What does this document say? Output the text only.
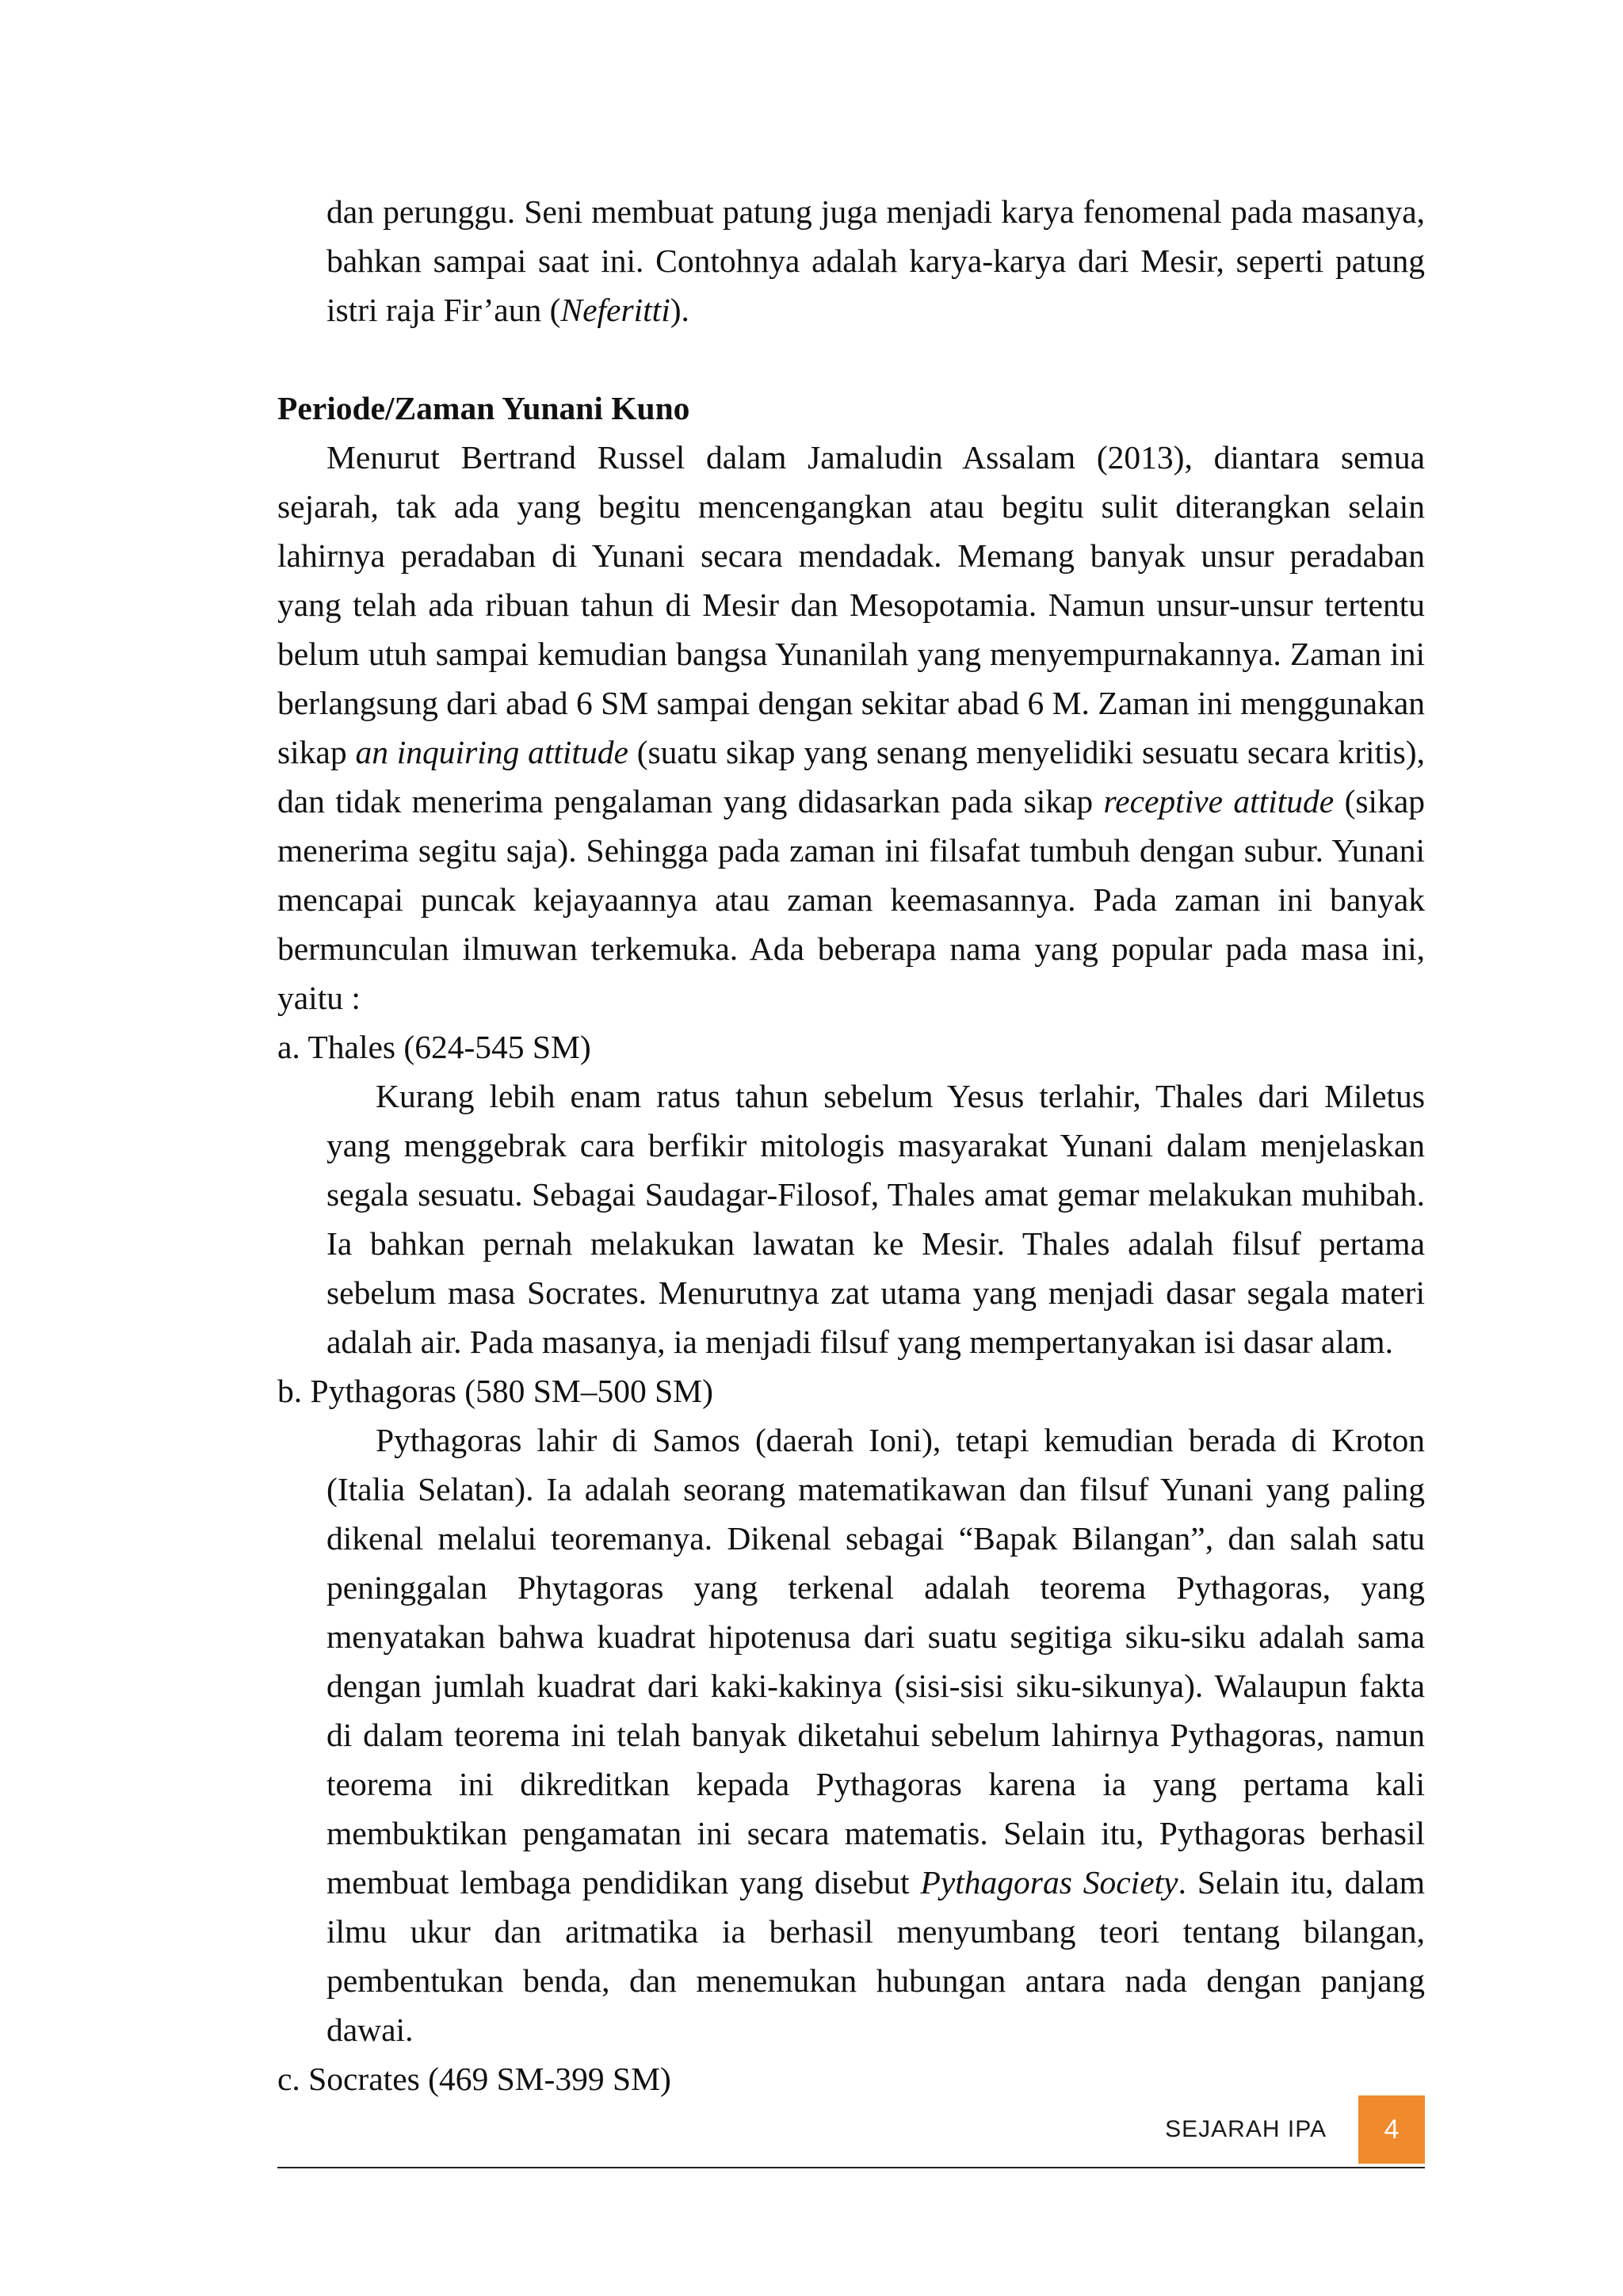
dan perunggu. Seni membuat patung juga menjadi karya fenomenal pada masanya, bahkan sampai saat ini. Contohnya adalah karya-karya dari Mesir, seperti patung istri raja Fir’aun (Neferitti).

Periode/Zaman Yunani Kuno

Menurut Bertrand Russel dalam Jamaludin Assalam (2013), diantara semua sejarah, tak ada yang begitu mencengangkan atau begitu sulit diterangkan selain lahirnya peradaban di Yunani secara mendadak. Memang banyak unsur peradaban yang telah ada ribuan tahun di Mesir dan Mesopotamia. Namun unsur-unsur tertentu belum utuh sampai kemudian bangsa Yunanilah yang menyempurnakannya. Zaman ini berlangsung dari abad 6 SM sampai dengan sekitar abad 6 M. Zaman ini menggunakan sikap an inquiring attitude (suatu sikap yang senang menyelidiki sesuatu secara kritis), dan tidak menerima pengalaman yang didasarkan pada sikap receptive attitude (sikap menerima segitu saja). Sehingga pada zaman ini filsafat tumbuh dengan subur. Yunani mencapai puncak kejayaannya atau zaman keemasannya. Pada zaman ini banyak bermunculan ilmuwan terkemuka. Ada beberapa nama yang popular pada masa ini, yaitu :

a. Thales (624-545 SM)

Kurang lebih enam ratus tahun sebelum Yesus terlahir, Thales dari Miletus yang menggebrak cara berfikir mitologis masyarakat Yunani dalam menjelaskan segala sesuatu. Sebagai Saudagar-Filosof, Thales amat gemar melakukan muhibah. Ia bahkan pernah melakukan lawatan ke Mesir. Thales adalah filsuf pertama sebelum masa Socrates. Menurutnya zat utama yang menjadi dasar segala materi adalah air. Pada masanya, ia menjadi filsuf yang mempertanyakan isi dasar alam.

b. Pythagoras (580 SM–500 SM)

Pythagoras lahir di Samos (daerah Ioni), tetapi kemudian berada di Kroton (Italia Selatan). Ia adalah seorang matematikawan dan filsuf Yunani yang paling dikenal melalui teoremanya. Dikenal sebagai “Bapak Bilangan”, dan salah satu peninggalan Phytagoras yang terkenal adalah teorema Pythagoras, yang menyatakan bahwa kuadrat hipotenusa dari suatu segitiga siku-siku adalah sama dengan jumlah kuadrat dari kaki-kakinya (sisi-sisi siku-sikunya). Walaupun fakta di dalam teorema ini telah banyak diketahui sebelum lahirnya Pythagoras, namun teorema ini dikreditkan kepada Pythagoras karena ia yang pertama kali membuktikan pengamatan ini secara matematis. Selain itu, Pythagoras berhasil membuat lembaga pendidikan yang disebut Pythagoras Society. Selain itu, dalam ilmu ukur dan aritmatika ia berhasil menyumbang teori tentang bilangan, pembentukan benda, dan menemukan hubungan antara nada dengan panjang dawai.

c. Socrates (469 SM-399 SM)

SEJARAH IPA	4
